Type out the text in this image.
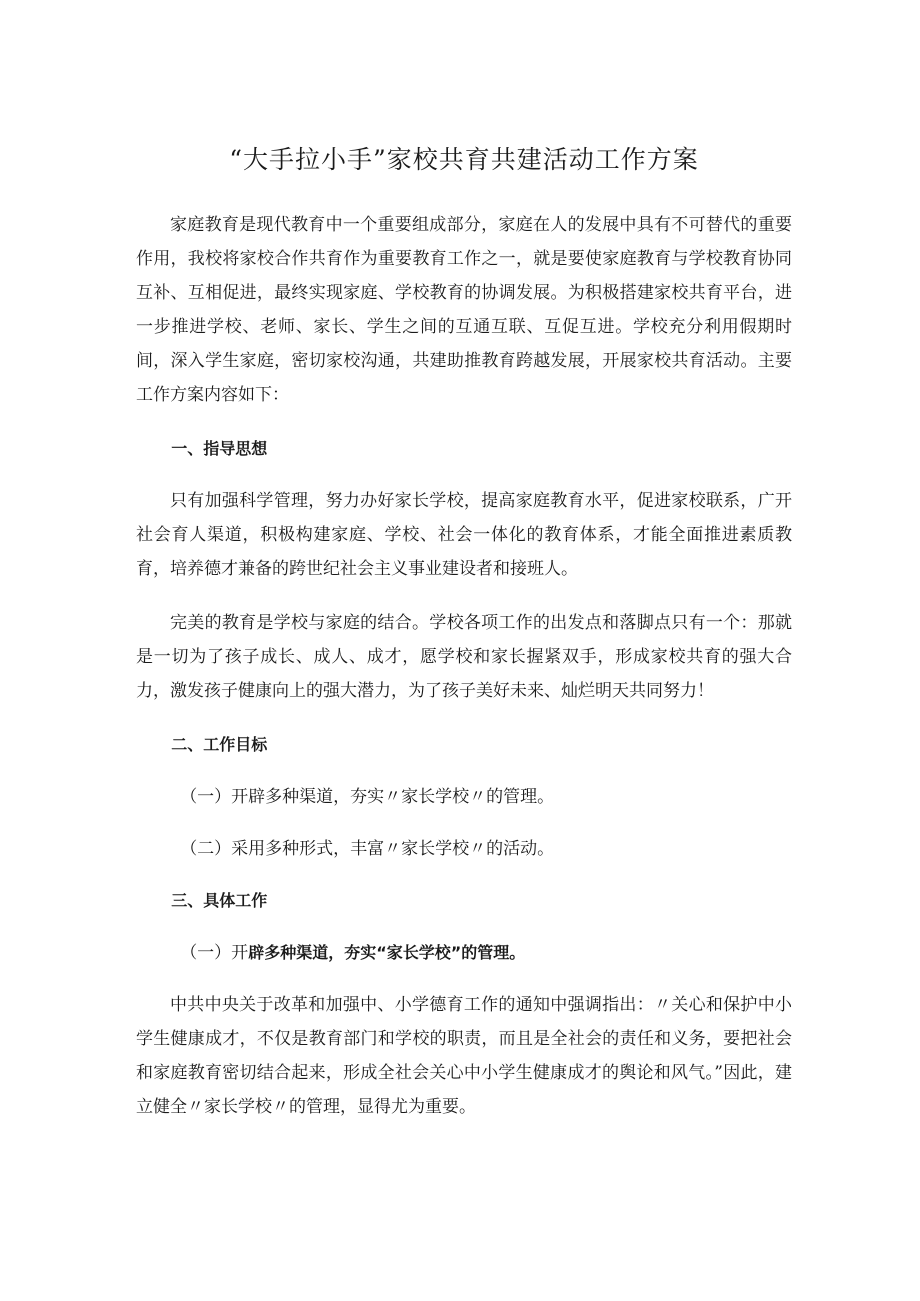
“大手拉小手”家校共育共建活动工作方案

家庭教育是现代教育中一个重要组成部分，家庭在人的发展中具有不可替代的重要作用，我校将家校合作共育作为重要教育工作之一，就是要使家庭教育与学校教育协同互补、互相促进，最终实现家庭、学校教育的协调发展。为积极搭建家校共育平台，进一步推进学校、老师、家长、学生之间的互通互联、互促互进。学校充分利用假期时间，深入学生家庭，密切家校沟通，共建助推教育跨越发展，开展家校共育活动。主要工作方案内容如下：

一、指导思想

只有加强科学管理，努力办好家长学校，提高家庭教育水平，促进家校联系，广开社会育人渠道，积极构建家庭、学校、社会一体化的教育体系，才能全面推进素质教育，培养德才兼备的跨世纪社会主义事业建设者和接班人。

完美的教育是学校与家庭的结合。学校各项工作的出发点和落脚点只有一个：那就是一切为了孩子成长、成人、成才，愿学校和家长握紧双手，形成家校共育的强大合力，激发孩子健康向上的强大潜力，为了孩子美好未来、灿烂明天共同努力！

二、工作目标
（一）开辟多种渠道，夯实〃家长学校〃的管理。
（二）采用多种形式，丰富〃家长学校〃的活动。
三、具体工作
（一）开辟多种渠道，夯实“家长学校”的管理。

中共中央关于改革和加强中、小学德育工作的通知中强调指出：〃关心和保护中小学生健康成才，不仅是教育部门和学校的职责，而且是全社会的责任和义务，要把社会和家庭教育密切结合起来，形成全社会关心中小学生健康成才的舆论和风气。”因此，建立健全〃家长学校〃的管理，显得尤为重要。
